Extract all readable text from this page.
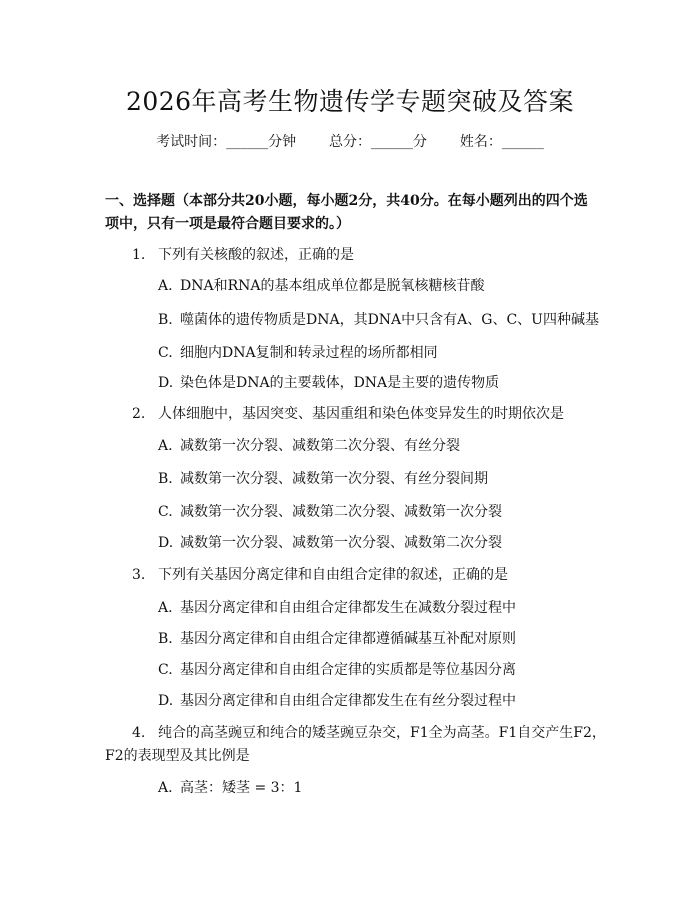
2026年高考生物遗传学专题突破及答案
考试时间：______分钟 总分：______分 姓名：______
一、选择题（本部分共20小题，每小题2分，共40分。在每小题列出的四个选项中，只有一项是最符合题目要求的。）
1. 下列有关核酸的叙述，正确的是
A. DNA和RNA的基本组成单位都是脱氧核糖核苷酸
B. 噬菌体的遗传物质是DNA，其DNA中只含有A、G、C、U四种碱基
C. 细胞内DNA复制和转录过程的场所都相同
D. 染色体是DNA的主要载体，DNA是主要的遗传物质
2. 人体细胞中，基因突变、基因重组和染色体变异发生的时期依次是
A. 减数第一次分裂、减数第二次分裂、有丝分裂
B. 减数第一次分裂、减数第一次分裂、有丝分裂间期
C. 减数第一次分裂、减数第二次分裂、减数第一次分裂
D. 减数第一次分裂、减数第一次分裂、减数第二次分裂
3. 下列有关基因分离定律和自由组合定律的叙述，正确的是
A. 基因分离定律和自由组合定律都发生在减数分裂过程中
B. 基因分离定律和自由组合定律都遵循碱基互补配对原则
C. 基因分离定律和自由组合定律的实质都是等位基因分离
D. 基因分离定律和自由组合定律都发生在有丝分裂过程中
4. 纯合的高茎豌豆和纯合的矮茎豌豆杂交，F1全为高茎。F1自交产生F2，
F2的表现型及其比例是
A. 高茎：矮茎 = 3：1
